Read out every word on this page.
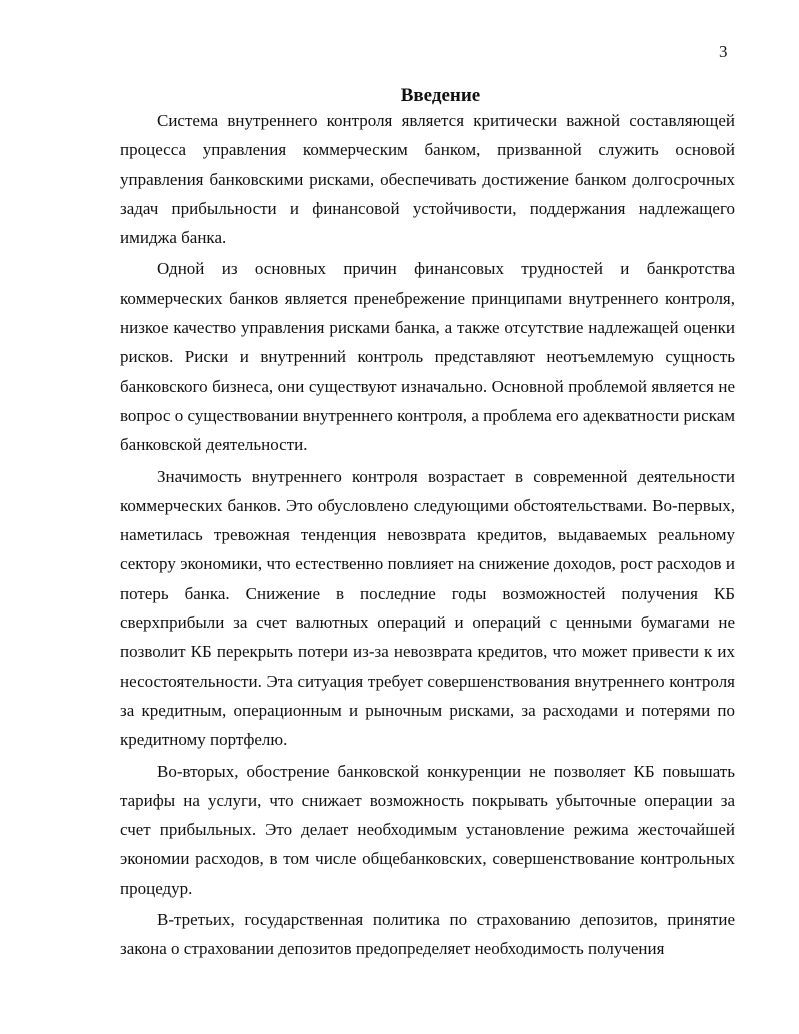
3
Введение

Система внутреннего контроля является критически важной составляющей процесса управления коммерческим банком, призванной служить основой управления банковскими рисками, обеспечивать достижение банком долгосрочных задач прибыльности и финансовой устойчивости, поддержания надлежащего имиджа банка.

Одной из основных причин финансовых трудностей и банкротства коммерческих банков является пренебрежение принципами внутреннего контроля, низкое качество управления рисками банка, а также отсутствие надлежащей оценки рисков. Риски и внутренний контроль представляют неотъемлемую сущность банковского бизнеса, они существуют изначально. Основной проблемой является не вопрос о существовании внутреннего контроля, а проблема его адекватности рискам банковской деятельности.

Значимость внутреннего контроля возрастает в современной деятельности коммерческих банков. Это обусловлено следующими обстоятельствами. Во-первых, наметилась тревожная тенденция невозврата кредитов, выдаваемых реальному сектору экономики, что естественно повлияет на снижение доходов, рост расходов и потерь банка. Снижение в последние годы возможностей получения КБ сверхприбыли за счет валютных операций и операций с ценными бумагами не позволит КБ перекрыть потери из-за невозврата кредитов, что может привести к их несостоятельности. Эта ситуация требует совершенствования внутреннего контроля за кредитным, операционным и рыночным рисками, за расходами и потерями по кредитному портфелю.

Во-вторых, обострение банковской конкуренции не позволяет КБ повышать тарифы на услуги, что снижает возможность покрывать убыточные операции за счет прибыльных. Это делает необходимым установление режима жесточайшей экономии расходов, в том числе общебанковских, совершенствование контрольных процедур.

В-третьих, государственная политика по страхованию депозитов, принятие закона о страховании депозитов предопределяет необходимость получения
